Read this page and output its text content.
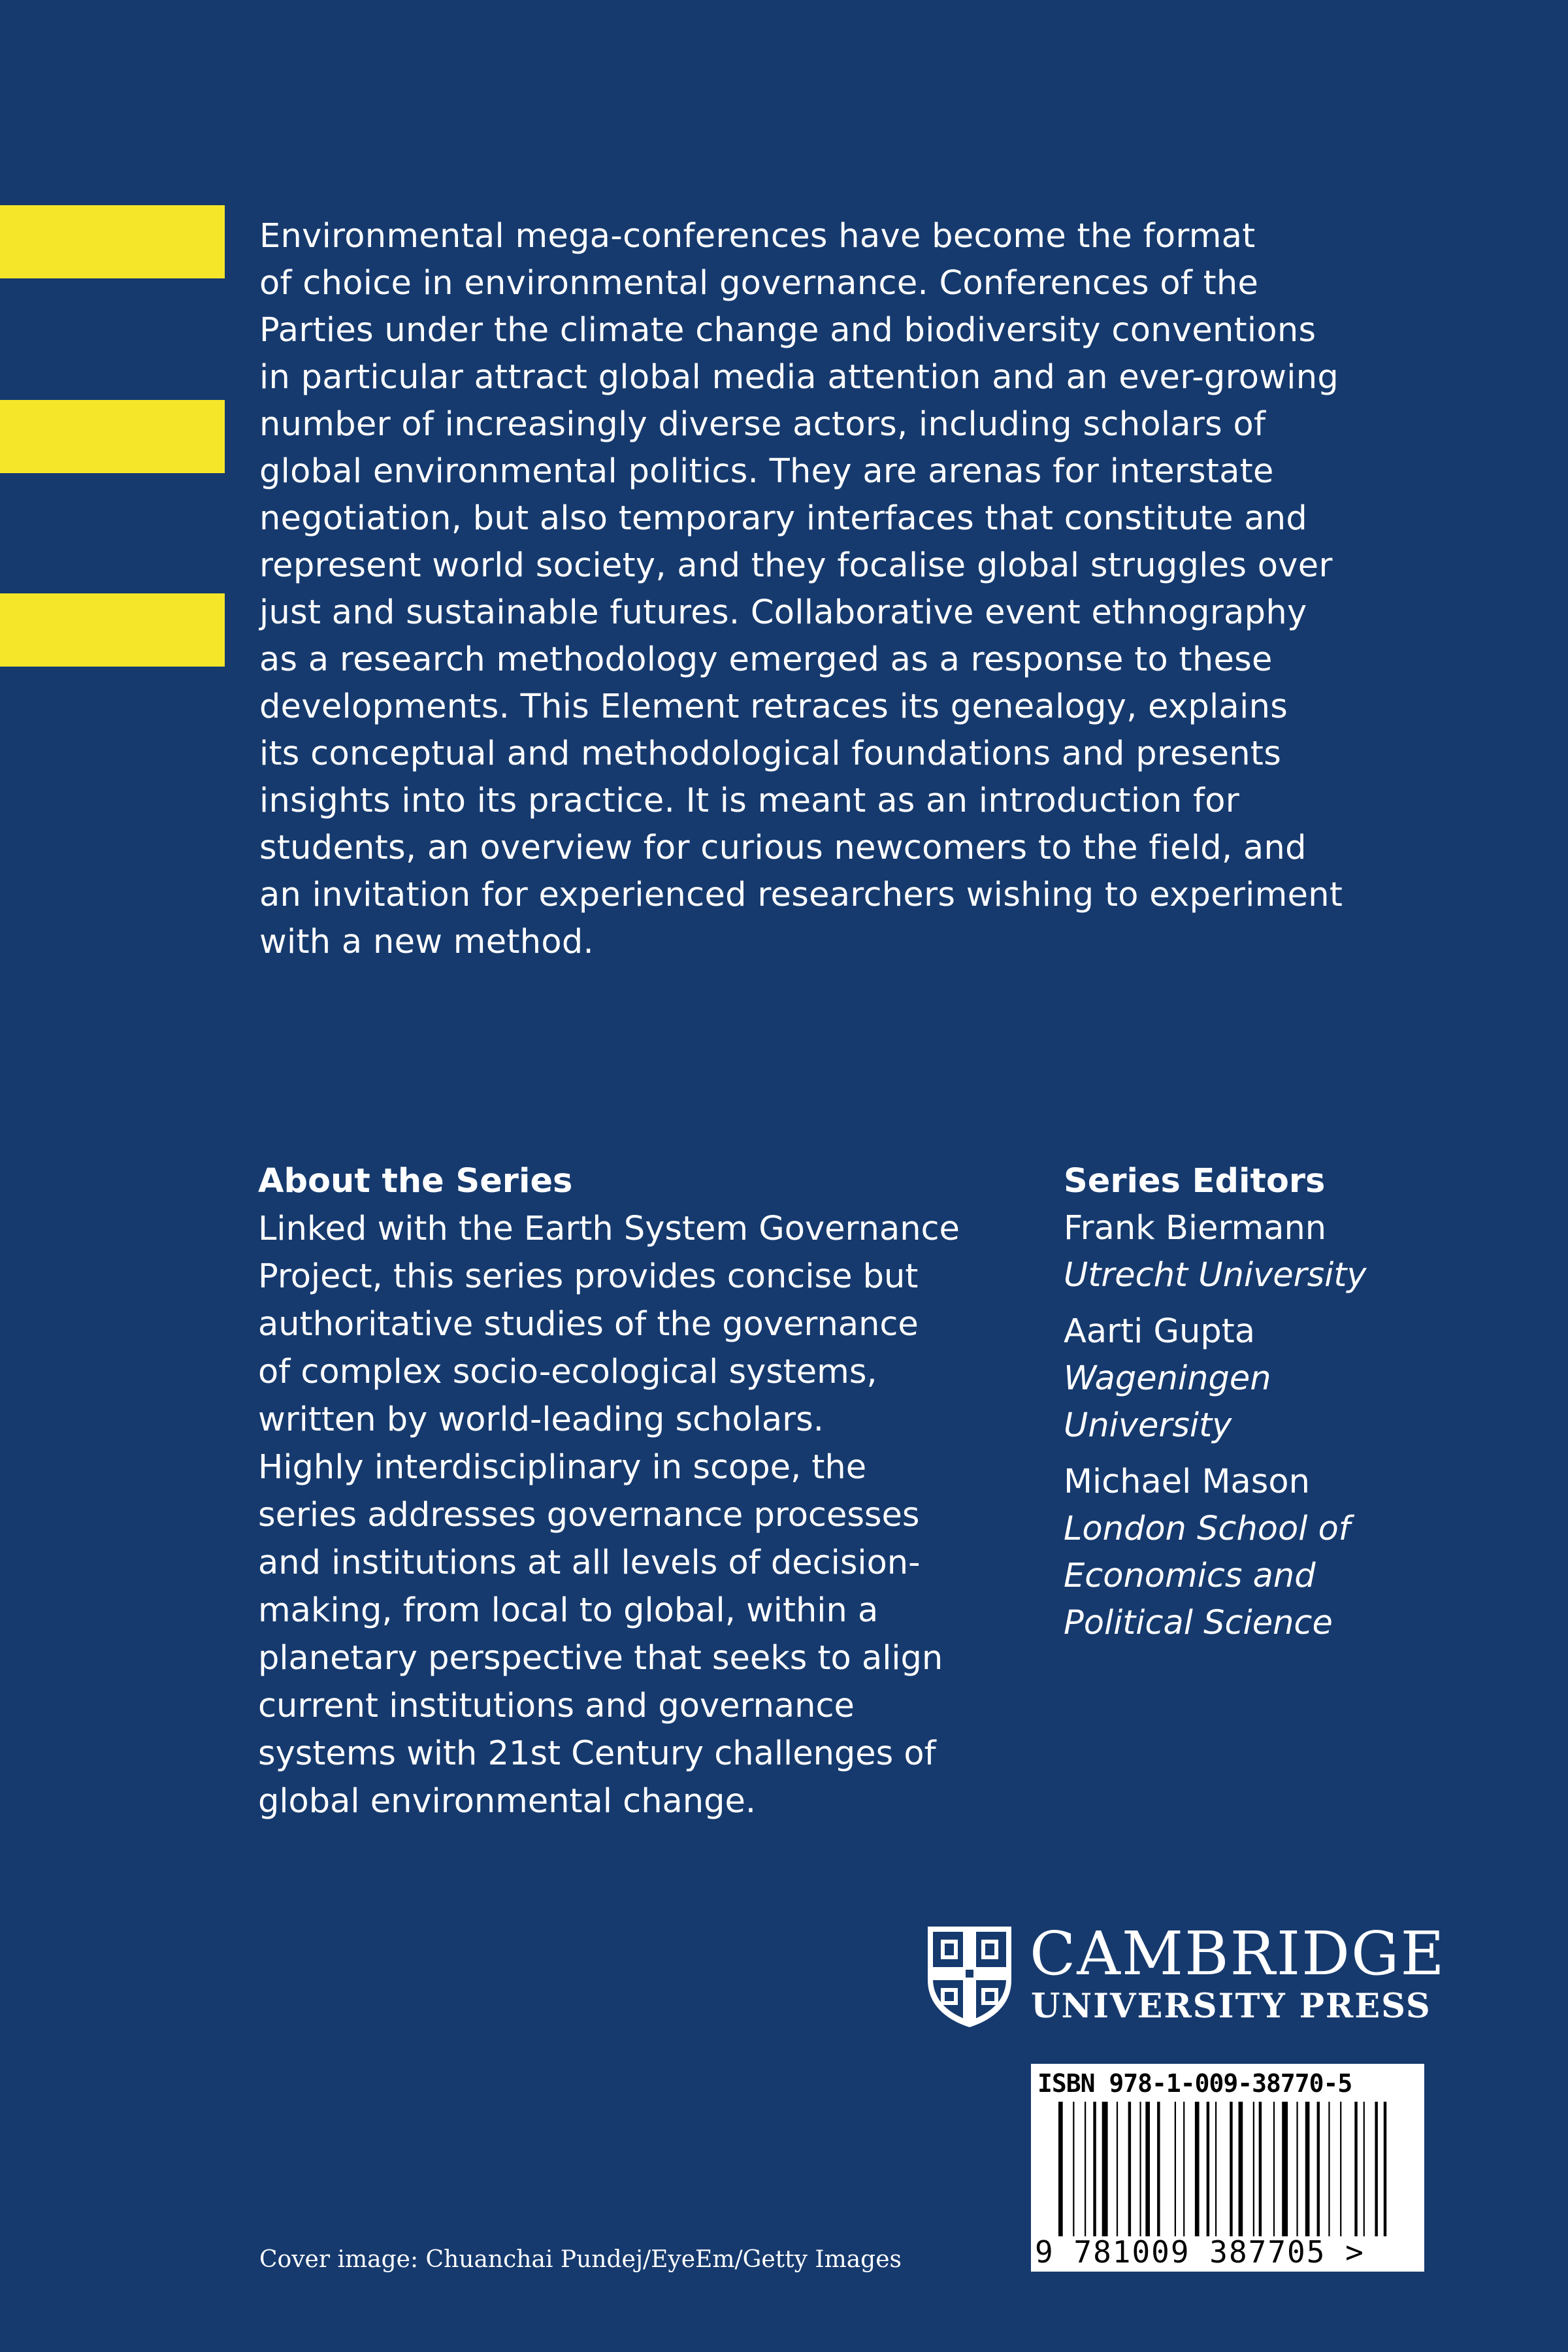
Environmental mega-conferences have become the format
of choice in environmental governance. Conferences of the
Parties under the climate change and biodiversity conventions
in particular attract global media attention and an ever-growing
number of increasingly diverse actors, including scholars of
global environmental politics. They are arenas for interstate
negotiation, but also temporary interfaces that constitute and
represent world society, and they focalise global struggles over
just and sustainable futures. Collaborative event ethnography
as a research methodology emerged as a response to these
developments. This Element retraces its genealogy, explains
its conceptual and methodological foundations and presents
insights into its practice. It is meant as an introduction for
students, an overview for curious newcomers to the field, and
an invitation for experienced researchers wishing to experiment
with a new method.

About the Series

Linked with the Earth System Governance
Project, this series provides concise but
authoritative studies of the governance
of complex socio-ecological systems,
written by world-leading scholars.
Highly interdisciplinary in scope, the
series addresses governance processes
and institutions at all levels of decision-
making, from local to global, within a
planetary perspective that seeks to align
current institutions and governance
systems with 21st Century challenges of
global environmental change.

Series Editors
Frank Biermann
Utrecht University
Aarti Gupta
Wageningen
University
Michael Mason
London School of
Economics and
Political Science

CAMBRIDGE

UNIVERSITY PRESS

ISBN 978-1-009-38770-5

9 781009 387705 >

Cover image: Chuanchai Pundej/EyeEm/Getty Images
